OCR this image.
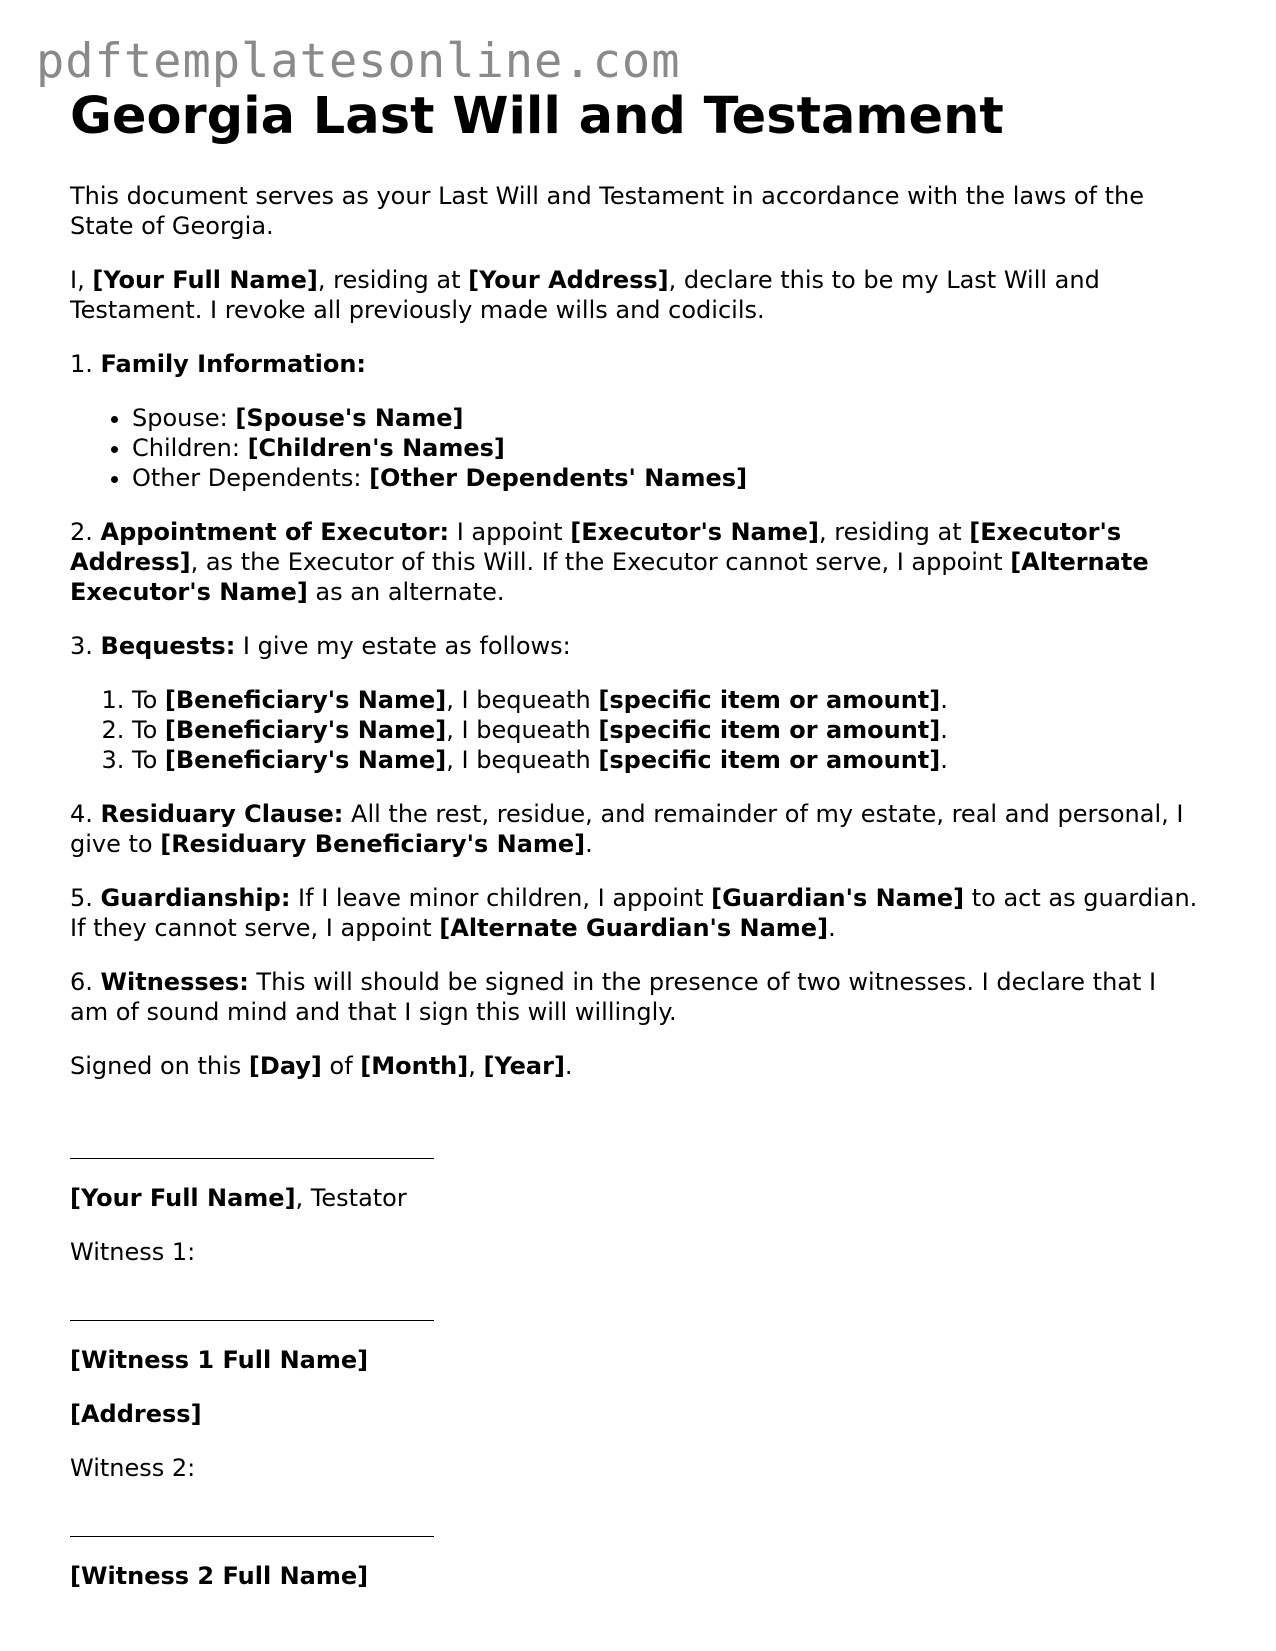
pdftemplatesonline.com
Georgia Last Will and Testament

This document serves as your Last Will and Testament in accordance with the laws of the State of Georgia.

I, [Your Full Name], residing at [Your Address], declare this to be my Last Will and Testament. I revoke all previously made wills and codicils.

1. Family Information:

• Spouse: [Spouse's Name]
• Children: [Children's Names]
• Other Dependents: [Other Dependents' Names]

2. Appointment of Executor: I appoint [Executor's Name], residing at [Executor's Address], as the Executor of this Will. If the Executor cannot serve, I appoint [Alternate Executor's Name] as an alternate.

3. Bequests: I give my estate as follows:

1. To [Beneficiary's Name], I bequeath [specific item or amount].
2. To [Beneficiary's Name], I bequeath [specific item or amount].
3. To [Beneficiary's Name], I bequeath [specific item or amount].

4. Residuary Clause: All the rest, residue, and remainder of my estate, real and personal, I give to [Residuary Beneficiary's Name].

5. Guardianship: If I leave minor children, I appoint [Guardian's Name] to act as guardian. If they cannot serve, I appoint [Alternate Guardian's Name].

6. Witnesses: This will should be signed in the presence of two witnesses. I declare that I am of sound mind and that I sign this will willingly.

Signed on this [Day] of [Month], [Year].

[Your Full Name], Testator

Witness 1:

[Witness 1 Full Name]

[Address]

Witness 2:

[Witness 2 Full Name]
